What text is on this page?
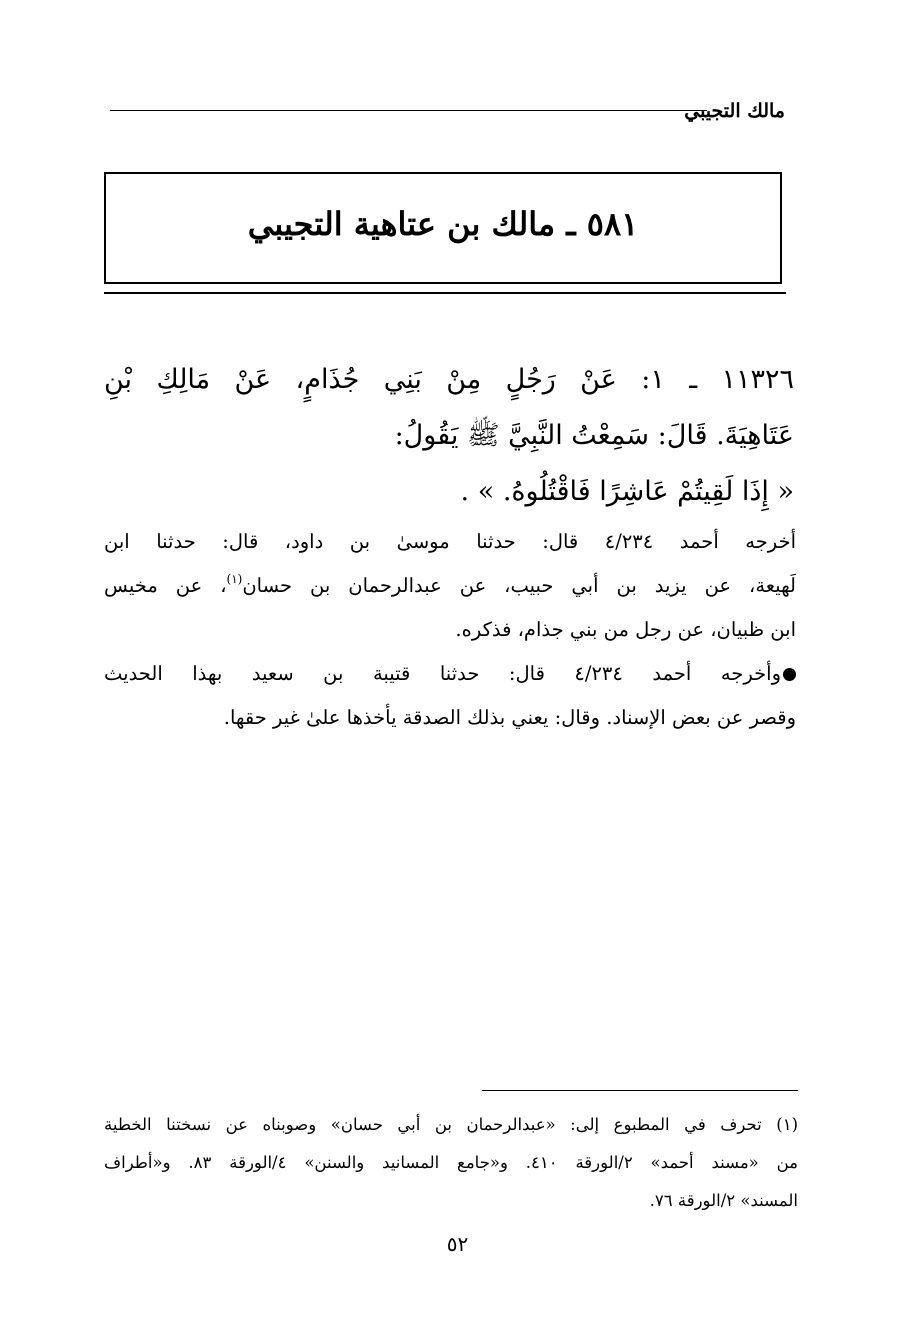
مالك التجيبي
٥٨١ ـ مالك بن عتاهية التجيبي
١١٣٢٦ ـ ١: عَنْ رَجُلٍ مِنْ بَنِي جُذَامٍ، عَنْ مَالِكِ بْنِ
عَتَاهِيَةَ. قَالَ: سَمِعْتُ النَّبِيَّ ﷺ يَقُولُ:
« إِذَا لَقِيتُمْ عَاشِرًا فَاقْتُلُوهُ. » .
أخرجه أحمد ٤/٢٣٤ قال: حدثنا موسىٰ بن داود، قال: حدثنا ابن
لَهيعة، عن يزيد بن أبي حبيب، عن عبدالرحمان بن حسان$^{(١)}$، عن مخيس
ابن ظبيان، عن رجل من بني جذام، فذكره.
وأخرجه أحمد ٤/٢٣٤ قال: حدثنا قتيبة بن سعيد بهذا الحديث
وقصر عن بعض الإسناد. وقال: يعني بذلك الصدقة يأخذها علىٰ غير حقها.
(١) تحرف في المطبوع إلى: «عبدالرحمان بن أبي حسان» وصوبناه عن نسختنا الخطية
من «مسند أحمد» ٢/الورقة ٤١٠. و«جامع المسانيد والسنن» ٤/الورقة ٨٣. و«أطراف
المسند» ٢/الورقة ٧٦.
٥٢
